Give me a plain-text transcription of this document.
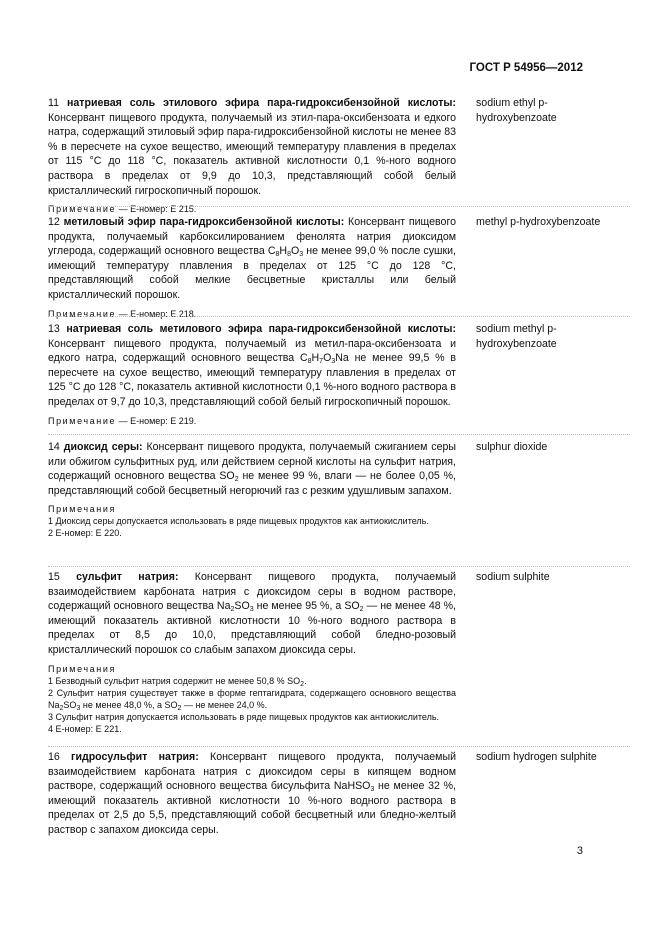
ГОСТ Р 54956—2012
11 натриевая соль этилового эфира пара-гидроксибензойной кислоты: Консервант пищевого продукта, получаемый из этил-пара-оксибензоата и едкого натра, содержащий этиловый эфир пара-гидроксибензойной кислоты не менее 83 % в пересчете на сухое вещество, имеющий температуру плавления в пределах от 115 °С до 118 °С, показатель активной кислотности 0,1 %-ного водного раствора в пределах от 9,9 до 10,3, представляющий собой белый кристаллический гигроскопичный порошок.
Примечание — Е-номер: Е 215.
sodium ethyl p-hydroxybenzoate
12 метиловый эфир пара-гидроксибензойной кислоты: Консервант пищевого продукта, получаемый карбоксилированием фенолята натрия диоксидом углерода, содержащий основного вещества $C_8H_8O_3$ не менее 99,0 % после сушки, имеющий температуру плавления в пределах от 125 °С до 128 °С, представляющий собой мелкие бесцветные кристаллы или белый кристаллический порошок.
Примечание — Е-номер: Е 218.
methyl p-hydroxybenzoate
13 натриевая соль метилового эфира пара-гидроксибензойной кислоты: Консервант пищевого продукта, получаемый из метил-пара-оксибензоата и едкого натра, содержащий основного вещества $C_8H_7O_3Na$ не менее 99,5 % в пересчете на сухое вещество, имеющий температуру плавления в пределах от 125 °С до 128 °С, показатель активной кислотности 0,1 %-ного водного раствора в пределах от 9,7 до 10,3, представляющий собой белый гигроскопичный порошок.
Примечание — Е-номер: Е 219.
sodium methyl p-hydroxybenzoate
14 диоксид серы: Консервант пищевого продукта, получаемый сжиганием серы или обжигом сульфитных руд, или действием серной кислоты на сульфит натрия, содержащий основного вещества $SO_2$ не менее 99 %, влаги — не более 0,05 %, представляющий собой бесцветный негорючий газ с резким удушливым запахом.
Примечания
1 Диоксид серы допускается использовать в ряде пищевых продуктов как антиокислитель.
2 Е-номер: Е 220.
sulphur dioxide
15 сульфит натрия: Консервант пищевого продукта, получаемый взаимодействием карбоната натрия с диоксидом серы в водном растворе, содержащий основного вещества $Na_2SO_3$ не менее 95 %, а $SO_2$ — не менее 48 %, имеющий показатель активной кислотности 10 %-ного водного раствора в пределах от 8,5 до 10,0, представляющий собой бледно-розовый кристаллический порошок со слабым запахом диоксида серы.
Примечания
1 Безводный сульфит натрия содержит не менее 50,8 % $SO_2$.
2 Сульфит натрия существует также в форме гептагидрата, содержащего основного вещества $Na_2SO_3$ не менее 48,0 %, а $SO_2$ — не менее 24,0 %.
3 Сульфит натрия допускается использовать в ряде пищевых продуктов как антиокислитель.
4 Е-номер: Е 221.
sodium sulphite
16 гидросульфит натрия: Консервант пищевого продукта, получаемый взаимодействием карбоната натрия с диоксидом серы в кипящем водном растворе, содержащий основного вещества бисульфита NaHSO$_3$ не менее 32 %, имеющий показатель активной кислотности 10 %-ного водного раствора в пределах от 2,5 до 5,5, представляющий собой бесцветный или бледно-желтый раствор с запахом диоксида серы.
sodium hydrogen sulphite
3
